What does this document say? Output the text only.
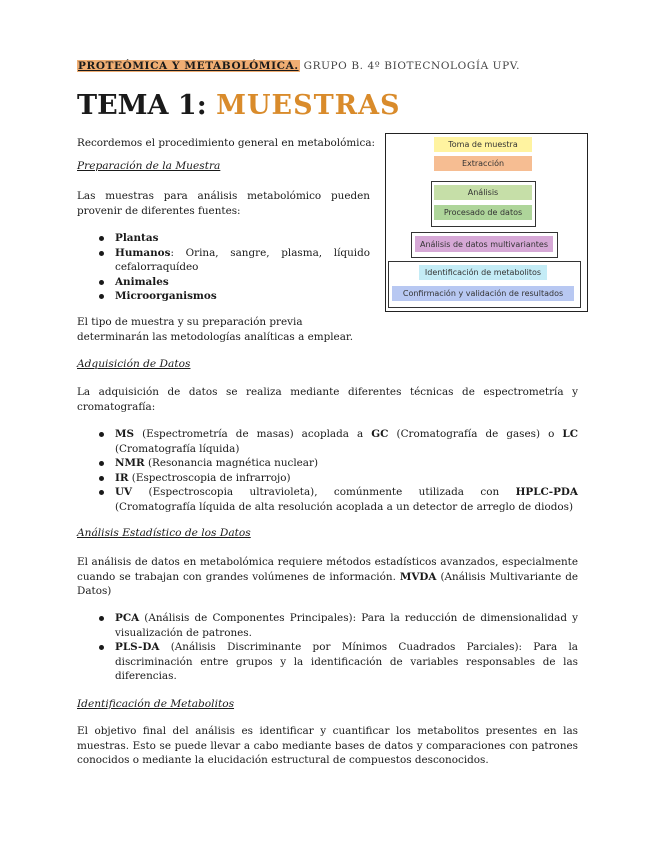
PROTEÓMICA Y METABOLÓMICA. GRUPO B. 4º BIOTECNOLOGÍA UPV.
TEMA 1: MUESTRAS

Recordemos el procedimiento general en metabolómica:

Preparación de la Muestra

Las muestras para análisis metabolómico pueden provenir de diferentes fuentes:

Plantas
Humanos: Orina, sangre, plasma, líquido cefalorraquídeo
Animales
Microorganismos

El tipo de muestra y su preparación previa determinarán las metodologías analíticas a emplear.

Adquisición de Datos

La adquisición de datos se realiza mediante diferentes técnicas de espectrometría y cromatografía:

MS (Espectrometría de masas) acoplada a GC (Cromatografía de gases) o LC (Cromatografía líquida)
NMR (Resonancia magnética nuclear)
IR (Espectroscopia de infrarrojo)
UV (Espectroscopia ultravioleta), comúnmente utilizada con HPLC-PDA (Cromatografía líquida de alta resolución acoplada a un detector de arreglo de diodos)

Análisis Estadístico de los Datos

El análisis de datos en metabolómica requiere métodos estadísticos avanzados, especialmente cuando se trabajan con grandes volúmenes de información. MVDA (Análisis Multivariante de Datos)

PCA (Análisis de Componentes Principales): Para la reducción de dimensionalidad y visualización de patrones.
PLS-DA (Análisis Discriminante por Mínimos Cuadrados Parciales): Para la discriminación entre grupos y la identificación de variables responsables de las diferencias.

Identificación de Metabolitos

El objetivo final del análisis es identificar y cuantificar los metabolitos presentes en las muestras. Esto se puede llevar a cabo mediante bases de datos y comparaciones con patrones conocidos o mediante la elucidación estructural de compuestos desconocidos.

Toma de muestra
Extracción
Análisis
Procesado de datos
Análisis de datos multivariantes
Identificación de metabolitos
Confirmación y validación de resultados
